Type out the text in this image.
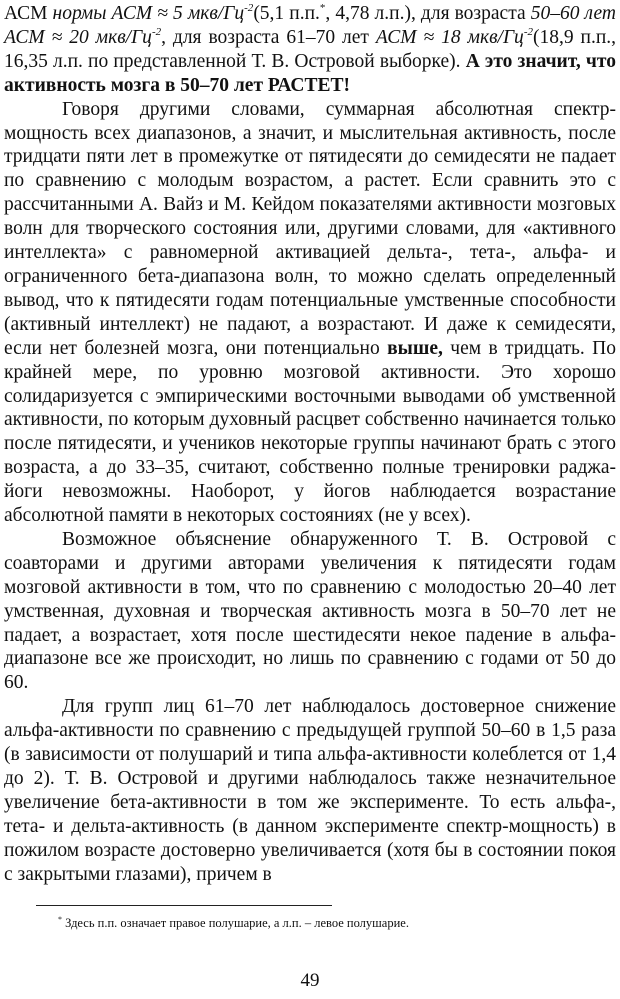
АСМ нормы АСМ ≈ 5 мкв/$Гц^{-2}(5,1$ п.п.*, 4,78 л.п.), для возраста 50–60 лет АСМ ≈ 20 мкв/$Гц^{-2}$, для возраста 61–70 лет АСМ ≈ 18 мкв/$Гц^{-2}(18,9$ п.п., 16,35 л.п. по представленной Т. В. Островой выборке). А это значит, что активность мозга в 50–70 лет РАСТЕТ!

Говоря другими словами, суммарная абсолютная спектр-мощность всех диапазонов, а значит, и мыслительная активность, после тридцати пяти лет в промежутке от пятидесяти до семидесяти не падает по сравнению с молодым возрастом, а растет. Если сравнить это с рассчитанными А. Вайз и М. Кейдом показателями активности мозговых волн для творческого состояния или, другими словами, для «активного интеллекта» с равномерной активацией дельта-, тета-, альфа- и ограниченного бета-диапазона волн, то можно сделать определенный вывод, что к пятидесяти годам потенциальные умственные способности (активный интеллект) не падают, а возрастают. И даже к семидесяти, если нет болезней мозга, они потенциально выше, чем в тридцать. По крайней мере, по уровню мозговой активности. Это хорошо солидаризуется с эмпирическими восточными выводами об умственной активности, по которым духовный расцвет собственно начинается только после пятидесяти, и учеников некоторые группы начинают брать с этого возраста, а до 33–35, считают, собственно полные тренировки раджа-йоги невозможны. Наоборот, у йогов наблюдается возрастание абсолютной памяти в некоторых состояниях (не у всех).

Возможное объяснение обнаруженного Т. В. Островой с соавторами и другими авторами увеличения к пятидесяти годам мозговой активности в том, что по сравнению с молодостью 20–40 лет умственная, духовная и творческая активность мозга в 50–70 лет не падает, а возрастает, хотя после шестидесяти некое падение в альфа-диапазоне все же происходит, но лишь по сравнению с годами от 50 до 60.

Для групп лиц 61–70 лет наблюдалось достоверное снижение альфа-активности по сравнению с предыдущей группой 50–60 в 1,5 раза (в зависимости от полушарий и типа альфа-активности колеблется от 1,4 до 2). Т. В. Островой и другими наблюдалось также незначительное увеличение бета-активности в том же эксперименте. То есть альфа-, тета- и дельта-активность (в данном эксперименте спектр-мощность) в пожилом возрасте достоверно увеличивается (хотя бы в состоянии покоя с закрытыми глазами), причем в

* Здесь п.п. означает правое полушарие, а л.п. – левое полушарие.
49
